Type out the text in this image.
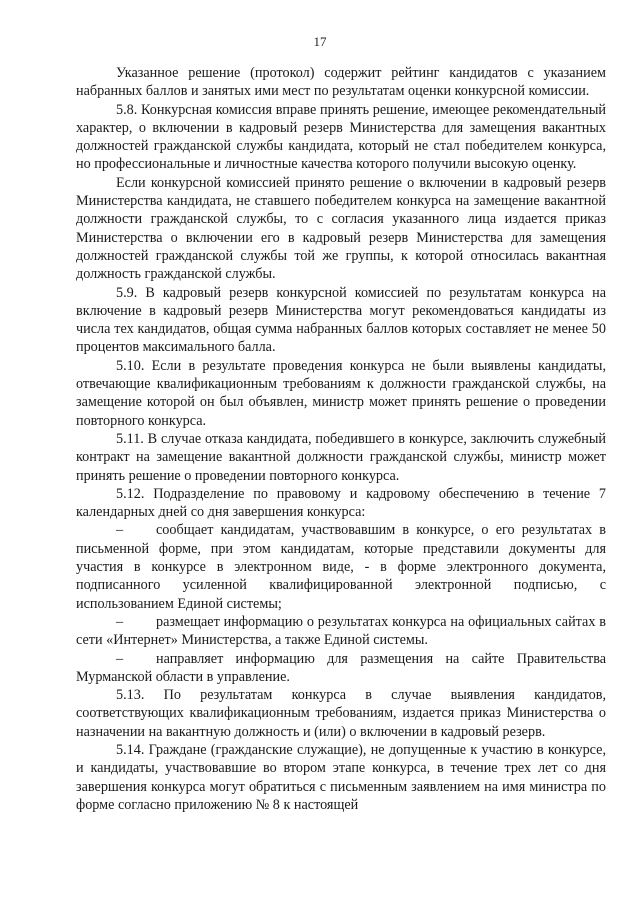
17

Указанное решение (протокол) содержит рейтинг кандидатов с указанием набранных баллов и занятых ими мест по результатам оценки конкурсной комиссии.

5.8. Конкурсная комиссия вправе принять решение, имеющее рекомендательный характер, о включении в кадровый резерв Министерства для замещения вакантных должностей гражданской службы кандидата, который не стал победителем конкурса, но профессиональные и личностные качества которого получили высокую оценку.

Если конкурсной комиссией принято решение о включении в кадровый резерв Министерства кандидата, не ставшего победителем конкурса на замещение вакантной должности гражданской службы, то с согласия указанного лица издается приказ Министерства о включении его в кадровый резерв Министерства для замещения должностей гражданской службы той же группы, к которой относилась вакантная должность гражданской службы.

5.9. В кадровый резерв конкурсной комиссией по результатам конкурса на включение в кадровый резерв Министерства могут рекомендоваться кандидаты из числа тех кандидатов, общая сумма набранных баллов которых составляет не менее 50 процентов максимального балла.

5.10. Если в результате проведения конкурса не были выявлены кандидаты, отвечающие квалификационным требованиям к должности гражданской службы, на замещение которой он был объявлен, министр может принять решение о проведении повторного конкурса.

5.11. В случае отказа кандидата, победившего в конкурсе, заключить служебный контракт на замещение вакантной должности гражданской службы, министр может принять решение о проведении повторного конкурса.

5.12. Подразделение по правовому и кадровому обеспечению в течение 7 календарных дней со дня завершения конкурса:

– сообщает кандидатам, участвовавшим в конкурсе, о его результатах в письменной форме, при этом кандидатам, которые представили документы для участия в конкурсе в электронном виде, - в форме электронного документа, подписанного усиленной квалифицированной электронной подписью, с использованием Единой системы;

– размещает информацию о результатах конкурса на официальных сайтах в сети «Интернет» Министерства, а также Единой системы.

– направляет информацию для размещения на сайте Правительства Мурманской области в управление.

5.13. По результатам конкурса в случае выявления кандидатов, соответствующих квалификационным требованиям, издается приказ Министерства о назначении на вакантную должность и (или) о включении в кадровый резерв.

5.14. Граждане (гражданские служащие), не допущенные к участию в конкурсе, и кандидаты, участвовавшие во втором этапе конкурса, в течение трех лет со дня завершения конкурса могут обратиться с письменным заявлением на имя министра по форме согласно приложению № 8 к настоящей
